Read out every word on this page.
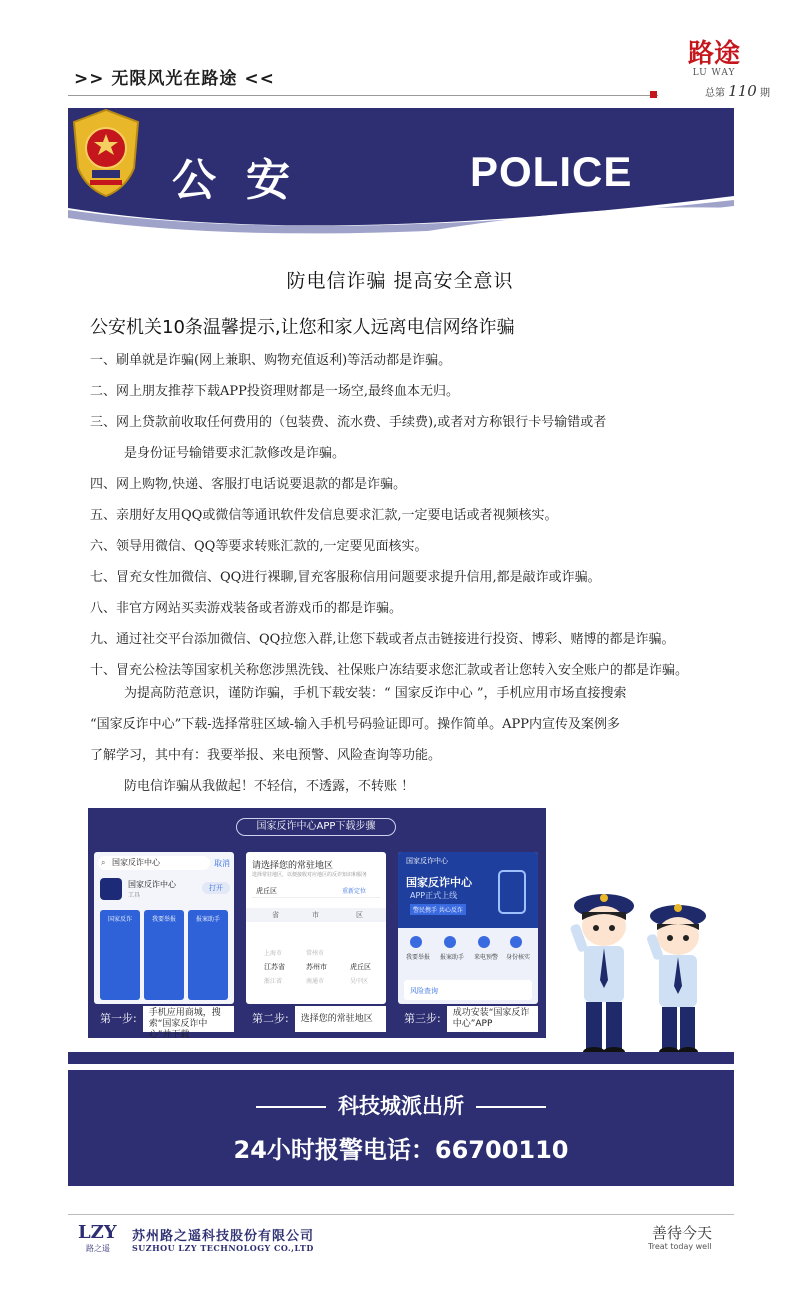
>> 无限风光在路途 <<
路途
LU WAY
总第 110 期
公安	POLICE
防电信诈骗 提高安全意识
公安机关10条温馨提示,让您和家人远离电信网络诈骗
一、刷单就是诈骗(网上兼职、购物充值返利)等活动都是诈骗。
二、网上朋友推荐下载APP投资理财都是一场空,最终血本无归。
三、网上贷款前收取任何费用的（包装费、流水费、手续费),或者对方称银行卡号输错或者
是身份证号输错要求汇款修改是诈骗。
四、网上购物,快递、客服打电话说要退款的都是诈骗。
五、亲朋好友用QQ或微信等通讯软件发信息要求汇款,一定要电话或者视频核实。
六、领导用微信、QQ等要求转账汇款的,一定要见面核实。
七、冒充女性加微信、QQ进行裸聊,冒充客服称信用问题要求提升信用,都是敲诈或诈骗。
八、非官方网站买卖游戏装备或者游戏币的都是诈骗。
九、通过社交平台添加微信、QQ拉您入群,让您下载或者点击链接进行投资、博彩、赌博的都是诈骗。
十、冒充公检法等国家机关称您涉黑洗钱、社保账户冻结要求您汇款或者让您转入安全账户的都是诈骗。

为提高防范意识，谨防诈骗，手机下载安装：“ 国家反诈中心 ”，手机应用市场直接搜索

“国家反诈中心”下载-选择常驻区域-输入手机号码验证即可。操作简单。APP内宣传及案例多

了解学习，其中有：我要举报、来电预警、风险查询等功能。

防电信诈骗从我做起！不轻信，不透露，不转账 ！

国家反诈中心APP下载步骤
国家反诈中心
⌕	取消
国家反诈中心
工具
打开
国家反诈	我要举报	报案助手
请选择您的常驻地区
选择常驻地区，以便接收对应地区的反诈知识和服务
虎丘区	重新定位
省	市	区
上海市	常州市
江苏省	苏州市	虎丘区
浙江省	南通市	吴中区
国家反诈中心
国家反诈中心
APP正式上线
警民携手 共心反诈
我要举报 报案助手 来电预警 身份核实
风险查询
第一步: 手机应用商城，搜索“国家反诈中心”并下载
第二步: 选择您的常驻地区	第三步: 成功安装“国家反诈中心”APP
科技城派出所
24小时报警电话：66700110
LZY
路之遥
苏州路之遥科技股份有限公司
SUZHOU LZY TECHNOLOGY CO.,LTD
善待今天
Treat today well
